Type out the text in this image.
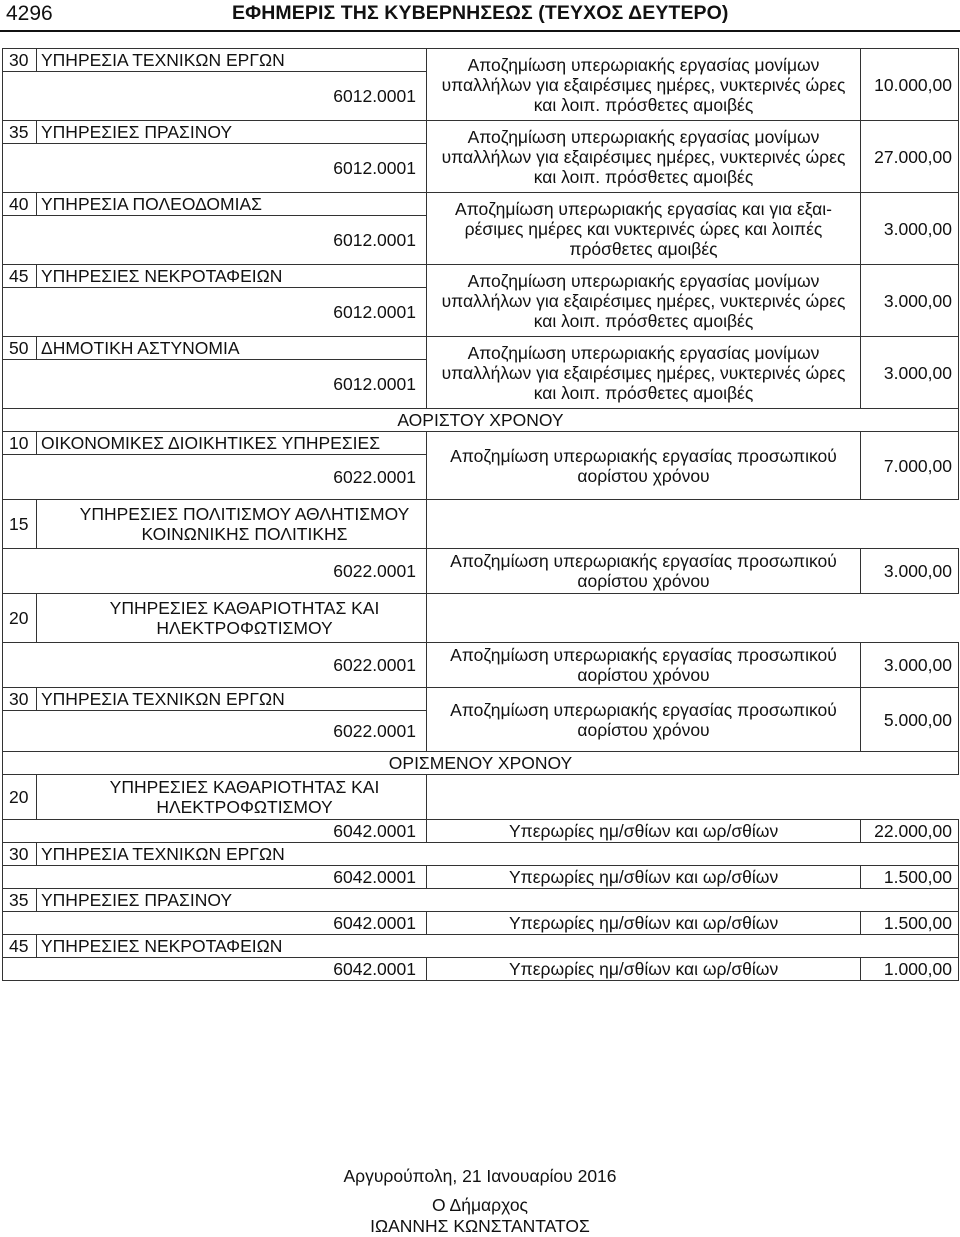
4296	ΕΦΗΜΕΡΙΣ ΤΗΣ ΚΥΒΕΡΝΗΣΕΩΣ (ΤΕΥΧΟΣ ΔΕΥΤΕΡΟ)
30	ΥΠΗΡΕΣΙΑ ΤΕΧΝΙΚΩΝ ΕΡΓΩΝ	Αποζημίωση υπερωριακής εργασίας μονίμων υπαλλήλων για εξαιρέσιμες ημέρες, νυκτερινές ώρες και λοιπ. πρόσθετες αμοιβές	10.000,00
6012.0001			
35	ΥΠΗΡΕΣΙΕΣ ΠΡΑΣΙΝΟΥ	Αποζημίωση υπερωριακής εργασίας μονίμων υπαλλήλων για εξαιρέσιμες ημέρες, νυκτερινές ώρες και λοιπ. πρόσθετες αμοιβές	27.000,00
6012.0001			
40	ΥΠΗΡΕΣΙΑ ΠΟΛΕΟΔΟΜΙΑΣ	Αποζημίωση υπερωριακής εργασίας και για εξαι-ρέσιμες ημέρες και νυκτερινές ώρες και λοιπές πρόσθετες αμοιβές	3.000,00
6012.0001			
45	ΥΠΗΡΕΣΙΕΣ ΝΕΚΡΟΤΑΦΕΙΩΝ	Αποζημίωση υπερωριακής εργασίας μονίμων υπαλλήλων για εξαιρέσιμες ημέρες, νυκτερινές ώρες και λοιπ. πρόσθετες αμοιβές	3.000,00
6012.0001			
50	ΔΗΜΟΤΙΚΗ ΑΣΤΥΝΟΜΙΑ	Αποζημίωση υπερωριακής εργασίας μονίμων υπαλλήλων για εξαιρέσιμες ημέρες, νυκτερινές ώρες και λοιπ. πρόσθετες αμοιβές	3.000,00
6012.0001			
ΑΟΡΙΣΤΟΥ ΧΡΟΝΟΥ			
10	ΟΙΚΟΝΟΜΙΚΕΣ ΔΙΟΙΚΗΤΙΚΕΣ ΥΠΗΡΕΣΙΕΣ	Αποζημίωση υπερωριακής εργασίας προσωπικού αορίστου χρόνου	7.000,00
6022.0001			
15	ΥΠΗΡΕΣΙΕΣ ΠΟΛΙΤΙΣΜΟΥ ΑΘΛΗΤΙΣΜΟΥ ΚΟΙΝΩΝΙΚΗΣ ΠΟΛΙΤΙΚΗΣ		
6022.0001		Αποζημίωση υπερωριακής εργασίας προσωπικού αορίστου χρόνου	3.000,00
20	ΥΠΗΡΕΣΙΕΣ ΚΑΘΑΡΙΟΤΗΤΑΣ ΚΑΙ ΗΛΕΚΤΡΟΦΩΤΙΣΜΟΥ		
6022.0001		Αποζημίωση υπερωριακής εργασίας προσωπικού αορίστου χρόνου	3.000,00
30	ΥΠΗΡΕΣΙΑ ΤΕΧΝΙΚΩΝ ΕΡΓΩΝ	Αποζημίωση υπερωριακής εργασίας προσωπικού αορίστου χρόνου	5.000,00
6022.0001			
ΟΡΙΣΜΕΝΟΥ ΧΡΟΝΟΥ			
20	ΥΠΗΡΕΣΙΕΣ ΚΑΘΑΡΙΟΤΗΤΑΣ ΚΑΙ ΗΛΕΚΤΡΟΦΩΤΙΣΜΟΥ		
6042.0001		Υπερωρίες ημ/σθίων και ωρ/σθίων	22.000,00
30	ΥΠΗΡΕΣΙΑ ΤΕΧΝΙΚΩΝ ΕΡΓΩΝ		
6042.0001		Υπερωρίες ημ/σθίων και ωρ/σθίων	1.500,00
35	ΥΠΗΡΕΣΙΕΣ ΠΡΑΣΙΝΟΥ		
6042.0001		Υπερωρίες ημ/σθίων και ωρ/σθίων	1.500,00
45	ΥΠΗΡΕΣΙΕΣ ΝΕΚΡΟΤΑΦΕΙΩΝ		
6042.0001		Υπερωρίες ημ/σθίων και ωρ/σθίων	1.000,00
Αργυρούπολη, 21 Ιανουαρίου 2016
Ο Δήμαρχος
ΙΩΑΝΝΗΣ ΚΩΝΣΤΑΝΤΑΤΟΣ
